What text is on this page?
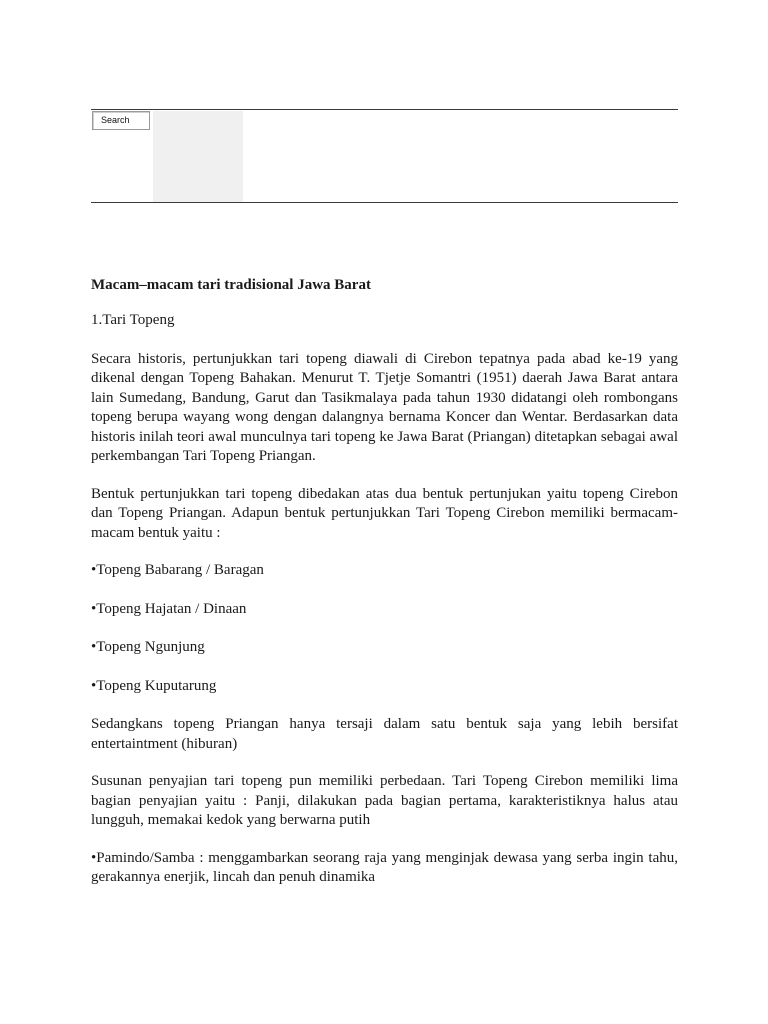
Search
Macam–macam tari tradisional Jawa Barat

1.Tari Topeng

Secara historis, pertunjukkan tari topeng diawali di Cirebon tepatnya pada abad ke-19 yang dikenal dengan Topeng Bahakan. Menurut T. Tjetje Somantri (1951) daerah Jawa Barat antara lain Sumedang, Bandung, Garut dan Tasikmalaya pada tahun 1930 didatangi oleh rombongans topeng berupa wayang wong dengan dalangnya bernama Koncer dan Wentar. Berdasarkan data historis inilah teori awal munculnya tari topeng ke Jawa Barat (Priangan) ditetapkan sebagai awal perkembangan Tari Topeng Priangan.

Bentuk pertunjukkan tari topeng dibedakan atas dua bentuk pertunjukan yaitu topeng Cirebon dan Topeng Priangan. Adapun bentuk pertunjukkan Tari Topeng Cirebon memiliki bermacam-macam bentuk yaitu :

•Topeng Babarang / Baragan

•Topeng Hajatan / Dinaan

•Topeng Ngunjung

•Topeng Kuputarung

Sedangkans topeng Priangan hanya tersaji dalam satu bentuk saja yang lebih bersifat entertaintment (hiburan)

Susunan penyajian tari topeng pun memiliki perbedaan. Tari Topeng Cirebon memiliki lima bagian penyajian yaitu : Panji, dilakukan pada bagian pertama, karakteristiknya halus atau lungguh, memakai kedok yang berwarna putih

•Pamindo/Samba : menggambarkan seorang raja yang menginjak dewasa yang serba ingin tahu, gerakannya enerjik, lincah dan penuh dinamika
